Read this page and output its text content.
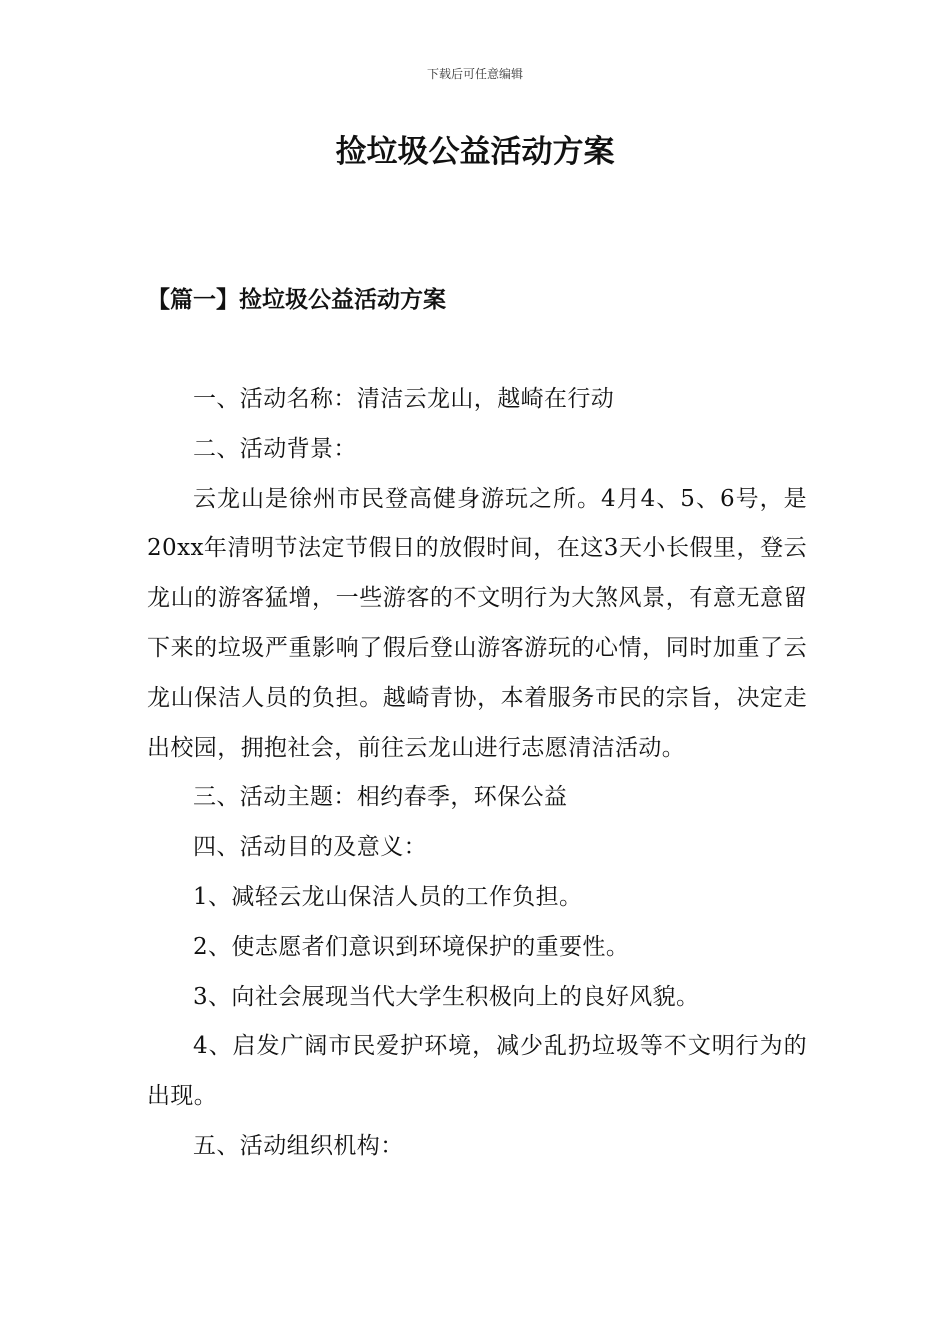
下载后可任意编辑
捡垃圾公益活动方案
【篇一】捡垃圾公益活动方案

一、活动名称：清洁云龙山，越崎在行动

二、活动背景：

云龙山是徐州市民登高健身游玩之所。4月4、5、6号，是20xx年清明节法定节假日的放假时间，在这3天小长假里，登云龙山的游客猛增，一些游客的不文明行为大煞风景，有意无意留下来的垃圾严重影响了假后登山游客游玩的心情，同时加重了云龙山保洁人员的负担。越崎青协，本着服务市民的宗旨，决定走出校园，拥抱社会，前往云龙山进行志愿清洁活动。

三、活动主题：相约春季，环保公益

四、活动目的及意义：

1、减轻云龙山保洁人员的工作负担。

2、使志愿者们意识到环境保护的重要性。

3、向社会展现当代大学生积极向上的良好风貌。

4、启发广阔市民爱护环境，减少乱扔垃圾等不文明行为的出现。

五、活动组织机构：
